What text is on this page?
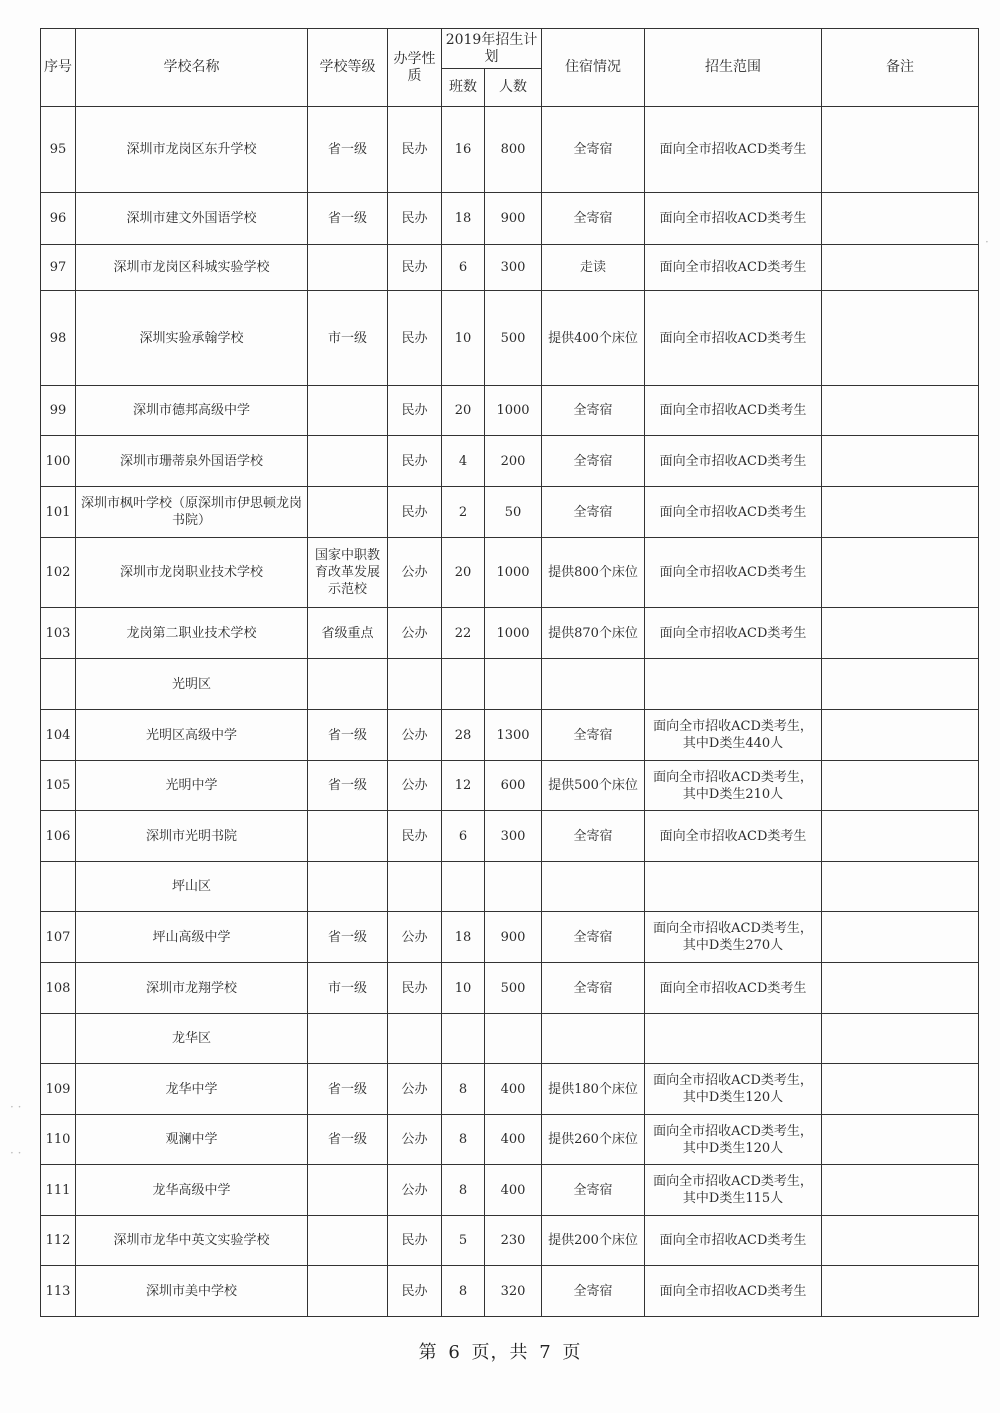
序号	学校名称	学校等级	办学性质	2019年招生计划		住宿情况	招生范围	备注
				班数	人数			
95	深圳市龙岗区东升学校	省一级	民办	16	800	全寄宿	面向全市招收ACD类考生	
96	深圳市建文外国语学校	省一级	民办	18	900	全寄宿	面向全市招收ACD类考生	
97	深圳市龙岗区科城实验学校		民办	6	300	走读	面向全市招收ACD类考生	
98	深圳实验承翰学校	市一级	民办	10	500	提供400个床位	面向全市招收ACD类考生	
99	深圳市德邦高级中学		民办	20	1000	全寄宿	面向全市招收ACD类考生	
100	深圳市珊蒂泉外国语学校		民办	4	200	全寄宿	面向全市招收ACD类考生	
101	深圳市枫叶学校（原深圳市伊思顿龙岗书院）		民办	2	50	全寄宿	面向全市招收ACD类考生	
102	深圳市龙岗职业技术学校	国家中职教育改革发展示范校	公办	20	1000	提供800个床位	面向全市招收ACD类考生	
103	龙岗第二职业技术学校	省级重点	公办	22	1000	提供870个床位	面向全市招收ACD类考生	
	光明区							
104	光明区高级中学	省一级	公办	28	1300	全寄宿	面向全市招收ACD类考生，其中D类生440人	
105	光明中学	省一级	公办	12	600	提供500个床位	面向全市招收ACD类考生，其中D类生210人	
106	深圳市光明书院		民办	6	300	全寄宿	面向全市招收ACD类考生	
	坪山区							
107	坪山高级中学	省一级	公办	18	900	全寄宿	面向全市招收ACD类考生，其中D类生270人	
108	深圳市龙翔学校	市一级	民办	10	500	全寄宿	面向全市招收ACD类考生	
	龙华区							
109	龙华中学	省一级	公办	8	400	提供180个床位	面向全市招收ACD类考生，其中D类生120人	
110	观澜中学	省一级	公办	8	400	提供260个床位	面向全市招收ACD类考生，其中D类生120人	
111	龙华高级中学		公办	8	400	全寄宿	面向全市招收ACD类考生，其中D类生115人	
112	深圳市龙华中英文实验学校		民办	5	230	提供200个床位	面向全市招收ACD类考生	
113	深圳市美中学校		民办	8	320	全寄宿	面向全市招收ACD类考生	
第 6 页，共 7 页
· ·
· ·
·
